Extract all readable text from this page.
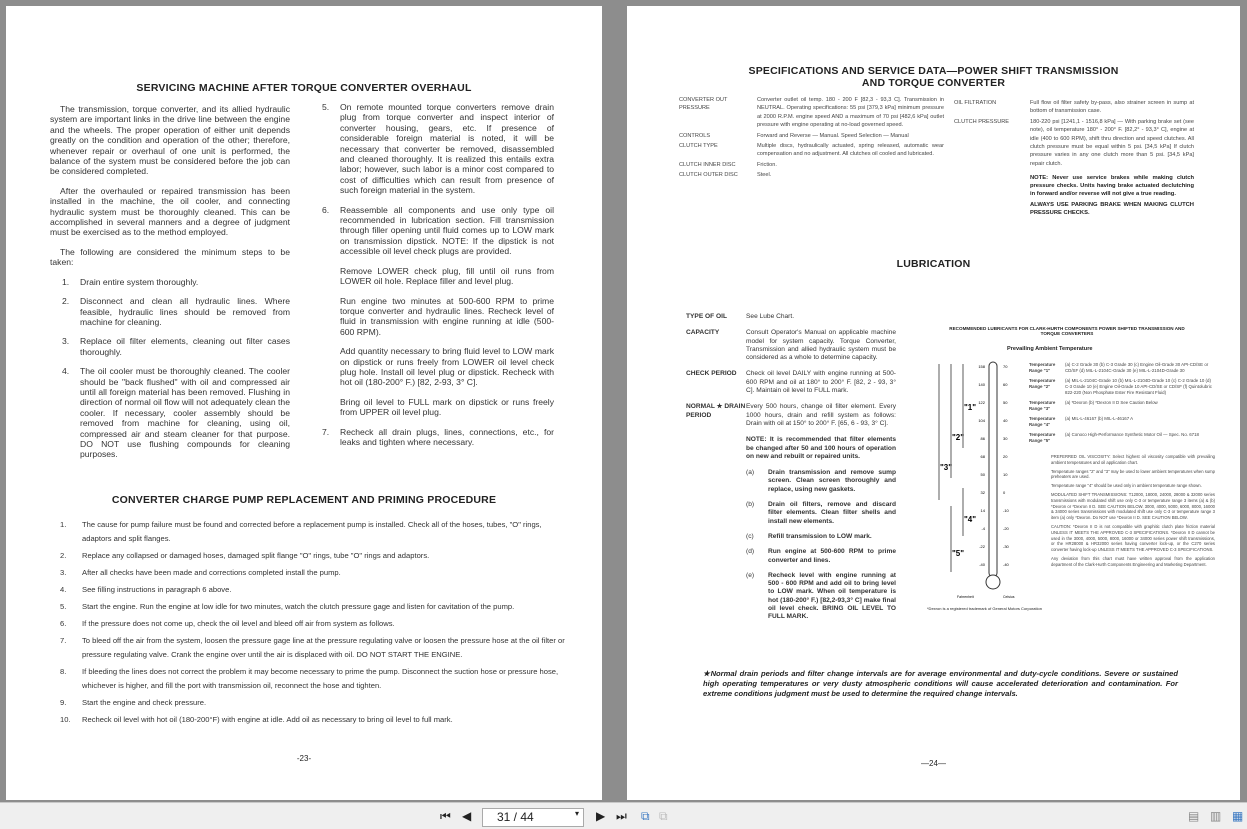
SERVICING MACHINE AFTER TORQUE CONVERTER OVERHAUL

The transmission, torque converter, and its allied hydraulic system are important links in the drive line between the engine and the wheels. The proper operation of either unit depends greatly on the condition and operation of the other; therefore, whenever repair or overhaul of one unit is performed, the balance of the system must be considered before the job can be considered completed.

After the overhauled or repaired transmission has been installed in the machine, the oil cooler, and connecting hydraulic system must be thoroughly cleaned. This can be accomplished in several manners and a degree of judgment must be exercised as to the method employed.

The following are considered the minimum steps to be taken:

1.	Drain entire system thoroughly.
2.	Disconnect and clean all hydraulic lines. Where feasible, hydraulic lines should be removed from machine for cleaning.
3.	Replace oil filter elements, cleaning out filter cases thoroughly.
4.	The oil cooler must be thoroughly cleaned. The cooler should be "back flushed" with oil and compressed air until all foreign material has been removed. Flushing in direction of normal oil flow will not adequately clean the cooler. If necessary, cooler assembly should be removed from machine for cleaning, using oil, compressed air and steam cleaner for that purpose. DO NOT use flushing compounds for cleaning purposes.
5.	On remote mounted torque converters remove drain plug from torque converter and inspect interior of converter housing, gears, etc. If presence of considerable foreign material is noted, it will be necessary that converter be removed, disassembled and cleaned thoroughly. It is realized this entails extra labor; however, such labor is a minor cost compared to cost of difficulties which can result from presence of such foreign material in the system.
6.	Reassemble all components and use only type oil recommended in lubrication section. Fill transmission through filler opening until fluid comes up to LOW mark on transmission dipstick. NOTE: If the dipstick is not accessible oil level check plugs are provided.
Remove LOWER check plug, fill until oil runs from LOWER oil hole. Replace filler and level plug.
Run engine two minutes at 500-600 RPM to prime torque converter and hydraulic lines. Recheck level of fluid in transmission with engine running at idle (500-600 RPM).
Add quantity necessary to bring fluid level to LOW mark on dipstick or runs freely from LOWER oil level check plug hole. Install oil level plug or dipstick. Recheck with hot oil (180-200° F.) [82, 2-93, 3° C].
Bring oil level to FULL mark on dipstick or runs freely from UPPER oil level plug.
7.	Recheck all drain plugs, lines, connections, etc., for leaks and tighten where necessary.
CONVERTER CHARGE PUMP REPLACEMENT AND PRIMING PROCEDURE
1.	The cause for pump failure must be found and corrected before a replacement pump is installed. Check all of the hoses, tubes, "O" rings, adaptors and split flanges.
2.	Replace any collapsed or damaged hoses, damaged split flange "O" rings, tube "O" rings and adaptors.
3.	After all checks have been made and corrections completed install the pump.
4.	See filling instructions in paragraph 6 above.
5.	Start the engine. Run the engine at low idle for two minutes, watch the clutch pressure gage and listen for cavitation of the pump.
6.	If the pressure does not come up, check the oil level and bleed off air from system as follows.
7.	To bleed off the air from the system, loosen the pressure gage line at the pressure regulating valve or loosen the pressure hose at the oil filter or pressure regulating valve. Crank the engine over until the air is displaced with oil. DO NOT START THE ENGINE.
8.	If bleeding the lines does not correct the problem it may become necessary to prime the pump. Disconnect the suction hose or pressure hose, whichever is higher, and fill the port with transmission oil, reconnect the hose and tighten.
9.	Start the engine and check pressure.
10.	Recheck oil level with hot oil (180-200°F) with engine at idle. Add oil as necessary to bring oil level to full mark.
-23-
SPECIFICATIONS AND SERVICE DATA—POWER SHIFT TRANSMISSION
AND TORQUE CONVERTER
CONVERTER OUT PRESSURE
Converter outlet oil temp. 180 - 200 F [82,3 - 93,3 C]. Transmission in NEUTRAL. Operating specifications: 55 psi [379,3 kPa] minimum pressure at 2000 R.P.M. engine speed AND a maximum of 70 psi [482,6 kPa] outlet pressure with engine operating at no-load governed speed.
CONTROLS	Forward and Reverse — Manual. Speed Selection — Manual
CLUTCH TYPE	Multiple discs, hydraulically actuated, spring released, automatic wear compensation and no adjustment. All clutches oil cooled and lubricated.
CLUTCH INNER DISC	Friction.
CLUTCH OUTER DISC	Steel.
OIL FILTRATION	Full flow oil filter safety by-pass, also strainer screen in sump at bottom of transmission case.
CLUTCH PRESSURE	180-220 psi [1241,1 - 1516,8 kPa] — With parking brake set (see note), oil temperature 180° - 200° F. [82,2° - 93,3° C], engine at idle (400 to 600 RPM), shift thru direction and speed clutches. All clutch pressure must be equal within 5 psi. [34,5 kPa] If clutch pressure varies in any one clutch more than 5 psi. [34,5 kPa] repair clutch.
NOTE: Never use service brakes while making clutch pressure checks. Units having brake actuated declutching in forward and/or reverse will not give a true reading.
ALWAYS USE PARKING BRAKE WHEN MAKING CLUTCH PRESSURE CHECKS.
LUBRICATION
TYPE OF OIL	See Lube Chart.
CAPACITY	Consult Operator's Manual on applicable machine model for system capacity. Torque Converter, Transmission and allied hydraulic system must be considered as a whole to determine capacity.
CHECK PERIOD	Check oil level DAILY with engine running at 500-600 RPM and oil at 180° to 200° F. [82, 2 - 93, 3° C]. Maintain oil level to FULL mark.
NORMAL ★ DRAIN PERIOD
Every 500 hours, change oil filter element. Every 1000 hours, drain and refill system as follows: Drain with oil at 150° to 200° F. [65, 6 - 93, 3° C].
NOTE: It is recommended that filter elements be changed after 50 and 100 hours of operation on new and rebuilt or repaired units.
(a)	Drain transmission and remove sump screen. Clean screen thoroughly and replace, using new gaskets.
(b)	Drain oil filters, remove and discard filter elements. Clean filter shells and install new elements.
(c)	Refill transmission to LOW mark.
(d)	Run engine at 500-600 RPM to prime converter and lines.
(e)	Recheck level with engine running at 500 - 600 RPM and add oil to bring level to LOW mark. When oil temperature is hot (180-200° F.) [82,2-93,3° C] make final oil level check. BRING OIL LEVEL TO FULL MARK.
RECOMMENDED LUBRICANTS FOR CLARK-HURTH COMPONENTS POWER SHIFTED TRANSMISSION AND TORQUE CONVERTERS
Prevailing Ambient Temperature
158
140
122
104
86
68
50
32
14
-4
-22
-40
70
60
50
40
30
20
10
0
-10
-20
-30
-40
"1"
"2"
"3"
"4"
"5"
Fahrenheit	Celsius
Temperature Range "1"
(a) C-2 Grade 30 (b) C-3 Grade 30 (c) Engine Oil-Grade 30 API-CD/SE or CD/SF (d) MIL-L-2104C-Grade 30 (e) MIL-L-2104D-Grade 30
Temperature Range "2"
(a) MIL-L-2104C-Grade 10 (b) MIL-L-2104D-Grade 10 (c) C-2 Grade 10 (d) C-3 Grade 10 (e) Engine Oil-Grade 10 API-CD/SE or CD/SF (f) Quintolubric 822-220 (Non Phosphate Ester Fire Resistant Fluid)
Temperature Range "3"
(a) *Dexron (b) *Dexron II D See Caution Below
Temperature Range "4"
(a) MIL-L-46167 (b) MIL-L-46167 A
Temperature Range "5"
(a) Conoco High-Performance Synthetic Motor Oil — Spec. No. 6718
PREFERRED OIL VISCOSITY: Select highest oil viscosity compatible with prevailing ambient temperatures and oil application chart.
Temperature ranges "2" and "3" may be used to lower ambient temperatures when sump preheaters are used.
Temperature range "4" should be used only in ambient temperature range shown.
MODULATED SHIFT TRANSMISSIONS: T12000, 18000, 24000, 28000 & 32000 series transmissions with modulated shift use only C-3 or temperature range 3 items (a) & (b) *Dexron or *Dexron II D. SEE CAUTION BELOW. 3000, 4000, 5000, 6000, 8000, 16000 & 34000 series transmissions with modulated shift use only C-3 or temperature range 3 item (a) only *Dexron. Do NOT use *Dexron II D. SEE CAUTION BELOW.
CAUTION: *Dexron II D is not compatible with graphitic clutch plate friction material UNLESS IT MEETS THE APPROVED C-3 SPECIFICATIONS. *Dexron II D cannot be used in the 3000, 4000, 5000, 8000, 16000 or 34000 series power shift transmissions, or the HR28000 & HR32000 series having converter lock-up, or the C270 series converter having lock-up UNLESS IT MEETS THE APPROVED C-3 SPECIFICATIONS.
Any deviation from this chart must have written approval from the application department of the Clark-Hurth Components Engineering and Marketing Department.
*Dexron is a registered trademark of General Motors Corporation
★Normal drain periods and filter change intervals are for average environmental and duty-cycle conditions. Severe or sustained high operating temperatures or very dusty atmospheric conditions will cause accelerated deterioration and contamination. For extreme conditions judgment must be used to determine the required change intervals.
—24—
⏮ ◀	31 / 44	▾ ▶ ⏭ ⧉ ⧉	▤ ▥ ▦
